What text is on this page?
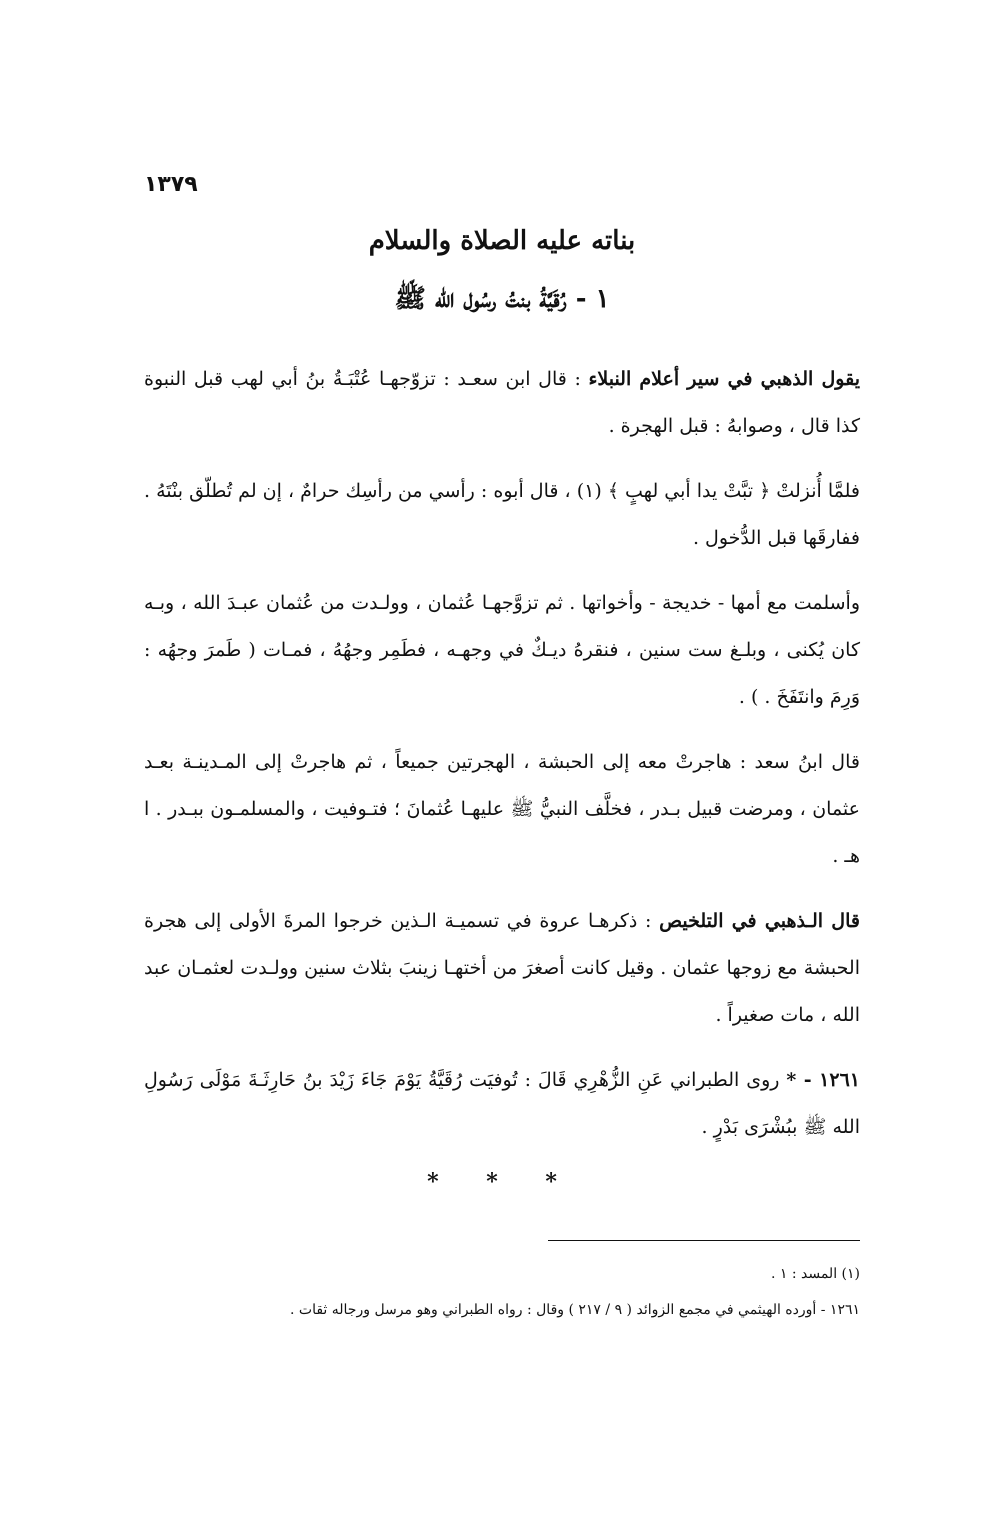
١٣٧٩
بناته عليه الصلاة والسلام
١ - رُقَيَّةُ بنتُ رسُول الله ﷺ

يقول الذهبي في سير أعلام النبلاء : قال ابن سعـد : تزوّجهـا عُتْبَـةُ بنُ أبي لهب قبل النبوة كذا قال ، وصوابهُ : قبل الهجرة .

فلمَّا أُنزلتْ ﴿ تبَّتْ يدا أبي لهبٍ ﴾ (١) ، قال أبوه : رأسي من رأسِك حرامٌ ، إن لم تُطلّق بنْتَهُ . ففارقَها قبل الدُّخول .

وأسلمت مع أمها - خديجة - وأخواتها . ثم تزوَّجهـا عُثمان ، وولـدت من عُثمان عبـدَ الله ، وبـه كان يُكنى ، وبلـغ ست سنين ، فنقرهُ ديـكٌ في وجهـه ، فطَمِر وجهُهُ ، فمـات ( طَمرَ وجهُه : وَرِمَ وانتَفَخَ . ) .

قال ابنُ سعد : هاجرتْ معه إلى الحبشة ، الهجرتين جميعاً ، ثم هاجرتْ إلى المـدينـة بعـد عثمان ، ومرضت قبيل بـدر ، فخلَّف النبيُّ ﷺ عليهـا عُثمانَ ؛ فتـوفيت ، والمسلمـون ببـدر . ا هـ .

قال الـذهبي في التلخيص : ذكرهـا عروة في تسميـة الـذين خرجوا المرةَ الأولى إلى هجرة الحبشة مع زوجها عثمان . وقيل كانت أصغرَ من أختهـا زينبَ بثلاث سنين وولـدت لعثمـان عبد الله ، مات صغيراً .

١٢٦١ - * روى الطبراني عَنِ الزُّهْرِي قَالَ : تُوفيَت رُقَيَّةُ يَوْمَ جَاءَ زَيْدَ بنُ حَارِثَـةَ مَوْلَى رَسُولِ الله ﷺ ببُشْرَى بَدْرٍ .

* * *

(١) المسد : ١ .

١٢٦١ - أورده الهيثمي في مجمع الزوائد ( ٩ / ٢١٧ ) وقال : رواه الطبراني وهو مرسل ورجاله ثقات .
